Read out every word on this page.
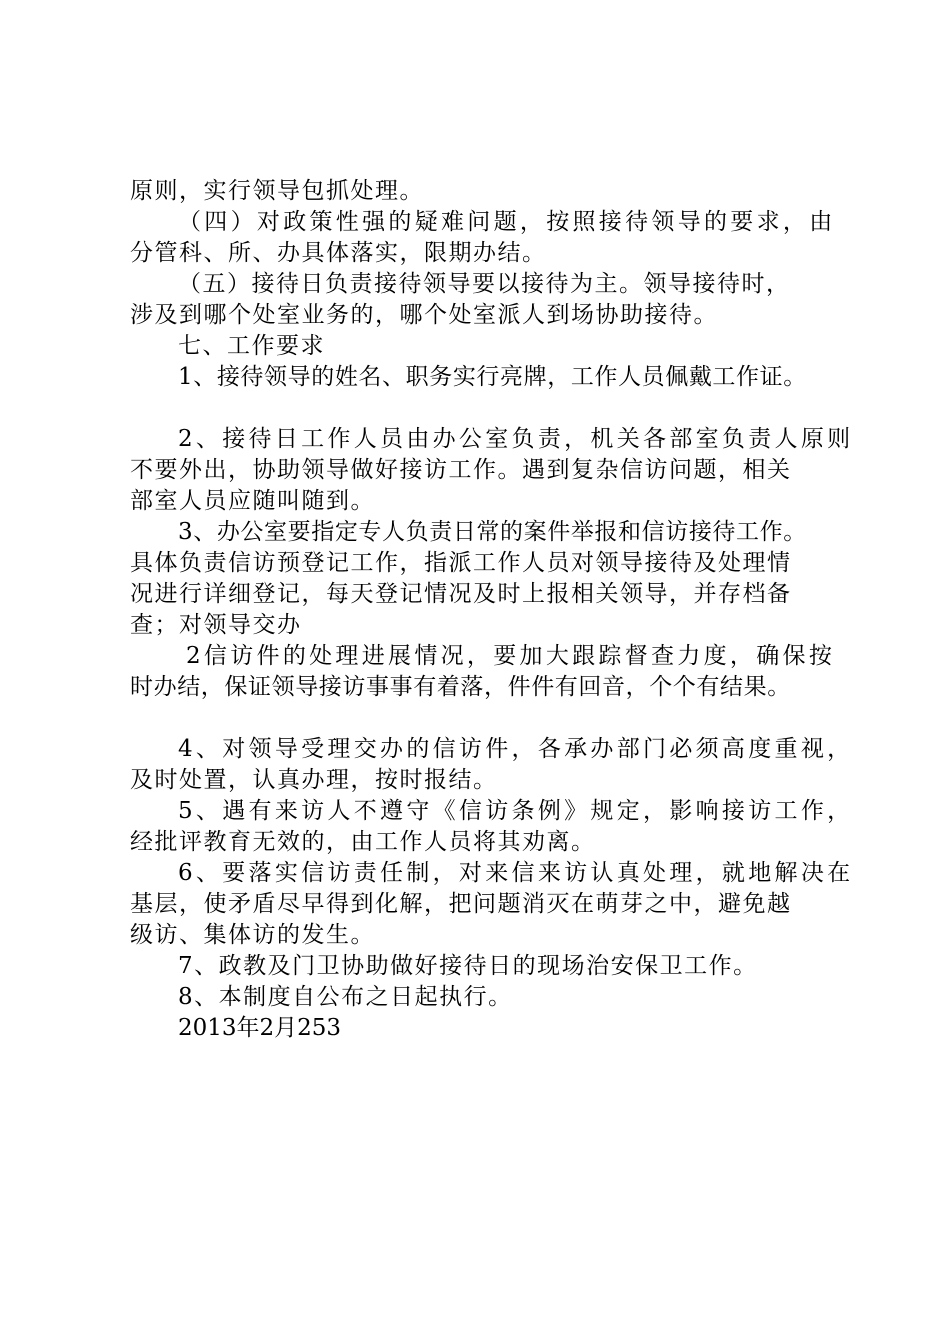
原则，实行领导包抓处理。
（四）对政策性强的疑难问题，按照接待领导的要求，由
分管科、所、办具体落实，限期办结。
（五）接待日负责接待领导要以接待为主。领导接待时，
涉及到哪个处室业务的，哪个处室派人到场协助接待。
七、工作要求
1、接待领导的姓名、职务实行亮牌，工作人员佩戴工作证。
2、接待日工作人员由办公室负责，机关各部室负责人原则
不要外出，协助领导做好接访工作。遇到复杂信访问题，相关
部室人员应随叫随到。
3、办公室要指定专人负责日常的案件举报和信访接待工作。
具体负责信访预登记工作，指派工作人员对领导接待及处理情
况进行详细登记，每天登记情况及时上报相关领导，并存档备
查；对领导交办
2信访件的处理进展情况，要加大跟踪督查力度，确保按
时办结，保证领导接访事事有着落，件件有回音，个个有结果。
4、对领导受理交办的信访件，各承办部门必须高度重视，
及时处置，认真办理，按时报结。
5、遇有来访人不遵守《信访条例》规定，影响接访工作，
经批评教育无效的，由工作人员将其劝离。
6、要落实信访责任制，对来信来访认真处理，就地解决在
基层，使矛盾尽早得到化解，把问题消灭在萌芽之中，避免越
级访、集体访的发生。
7、政教及门卫协助做好接待日的现场治安保卫工作。
8、本制度自公布之日起执行。
2013年2月253
